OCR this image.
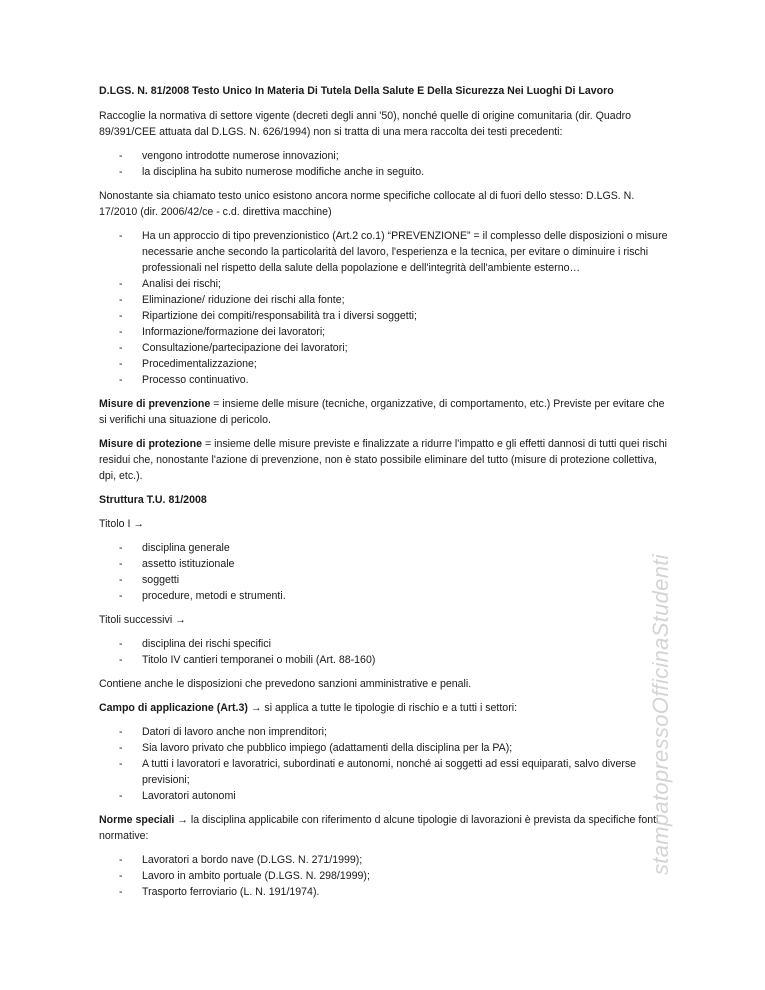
D.LGS. N. 81/2008 Testo Unico In Materia Di Tutela Della Salute E Della Sicurezza Nei Luoghi Di Lavoro

Raccoglie la normativa di settore vigente (decreti degli anni '50), nonché quelle di origine comunitaria (dir. Quadro 89/391/CEE attuata dal D.LGS. N. 626/1994) non si tratta di una mera raccolta dei testi precedenti:

- vengono introdotte numerose innovazioni;
- la disciplina ha subito numerose modifiche anche in seguito.

Nonostante sia chiamato testo unico esistono ancora norme specifiche collocate al di fuori dello stesso: D.LGS. N. 17/2010 (dir. 2006/42/ce - c.d. direttiva macchine)

- Ha un approccio di tipo prevenzionistico (Art.2 co.1) “PREVENZIONE” = il complesso delle disposizioni o misure necessarie anche secondo la particolarità del lavoro, l'esperienza e la tecnica, per evitare o diminuire i rischi professionali nel rispetto della salute della popolazione e dell'integrità dell'ambiente esterno…
- Analisi dei rischi;
- Eliminazione/ riduzione dei rischi alla fonte;
- Ripartizione dei compiti/responsabilità tra i diversi soggetti;
- Informazione/formazione dei lavoratori;
- Consultazione/partecipazione dei lavoratori;
- Procedimentalizzazione;
- Processo continuativo.

Misure di prevenzione = insieme delle misure (tecniche, organizzative, di comportamento, etc.) Previste per evitare che si verifichi una situazione di pericolo.

Misure di protezione = insieme delle misure previste e finalizzate a ridurre l'impatto e gli effetti dannosi di tutti quei rischi residui che, nonostante l'azione di prevenzione, non è stato possibile eliminare del tutto (misure di protezione collettiva, dpi, etc.).

Struttura T.U. 81/2008

Titolo I →

- disciplina generale
- assetto istituzionale
- soggetti
- procedure, metodi e strumenti.

Titoli successivi →

- disciplina dei rischi specifici
- Titolo IV cantieri temporanei o mobili (Art. 88-160)

Contiene anche le disposizioni che prevedono sanzioni amministrative e penali.

Campo di applicazione (Art.3) → si applica a tutte le tipologie di rischio e a tutti i settori:

- Datori di lavoro anche non imprenditori;
- Sia lavoro privato che pubblico impiego (adattamenti della disciplina per la PA);
- A tutti i lavoratori e lavoratrici, subordinati e autonomi, nonché ai soggetti ad essi equiparati, salvo diverse previsioni;
- Lavoratori autonomi

Norme speciali → la disciplina applicabile con riferimento d alcune tipologie di lavorazioni è prevista da specifiche fonti normative:

- Lavoratori a bordo nave (D.LGS. N. 271/1999);
- Lavoro in ambito portuale (D.LGS. N. 298/1999);
- Trasporto ferroviario (L. N. 191/1974).
stampatopressoOfficinaStudenti
